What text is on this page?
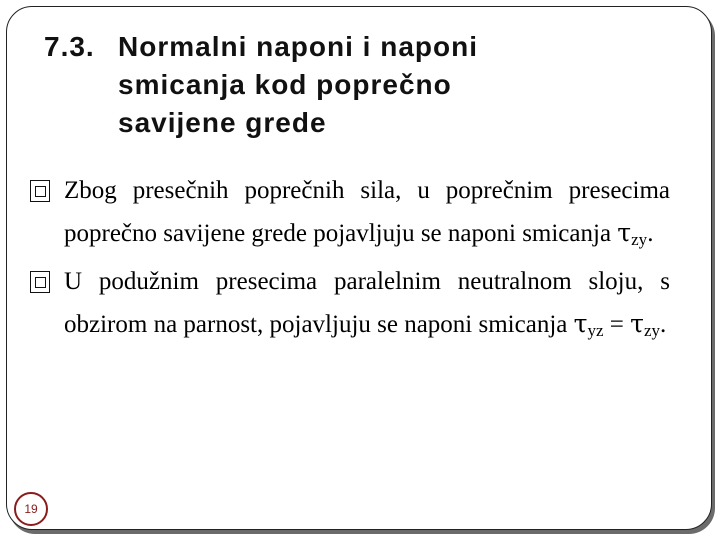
7.3. Normalni naponi i naponi
smicanja kod poprečno
savijene grede
Zbog presečnih poprečnih sila, u poprečnim presecima poprečno savijene grede pojavljuju se naponi smicanja $\tau_{zy}$.
U podužnim presecima paralelnim neutralnom sloju, s obzirom na parnost, pojavljuju se naponi smicanja $\tau_{yz} = \tau_{zy}$.
19
